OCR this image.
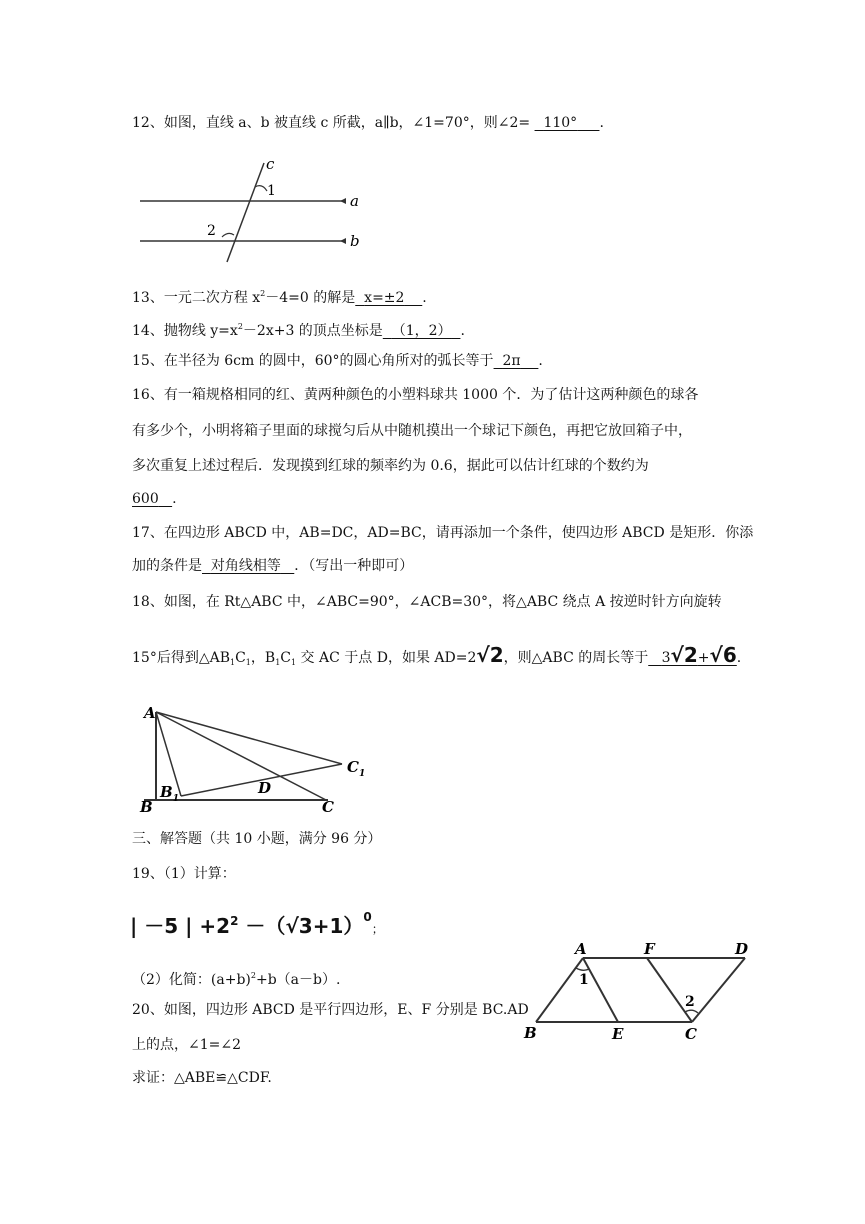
12、如图，直线 a、b 被直线 c 所截，a∥b，∠1=70°，则∠2= 110° .
c
1
2
a
b
13、一元二次方程 $x^2-4=0$ 的解是 x=±2 .
14、抛物线 $y=x^2-2x+3$ 的顶点坐标是 （1，2） .
15、在半径为 6cm 的圆中，60°的圆心角所对的弧长等于 2π .
16、有一箱规格相同的红、黄两种颜色的小塑料球共 1000 个．为了估计这两种颜色的球各
有多少个，小明将箱子里面的球搅匀后从中随机摸出一个球记下颜色，再把它放回箱子中，
多次重复上述过程后．发现摸到红球的频率约为 0.6，据此可以估计红球的个数约为
600 .
17、在四边形 ABCD 中，AB=DC，AD=BC，请再添加一个条件，使四边形 ABCD 是矩形．你添
加的条件是 对角线相等 ．（写出一种即可）
18、如图，在 Rt△ABC 中，∠ABC=90°，∠ACB=30°，将△ABC 绕点 A 按逆时针方向旋转
15°后得到$\triangle AB_1C_1$，$B_1C_1$ 交 AC 于点 D，如果 AD=2√2，则△ABC 的周长等于 3√2+√6.
A
B
$B_1$	C
$C_1$
D
三、解答题（共 10 小题，满分 96 分）
19、（1）计算：
| －5 | $+2^2 -(√3+1)^0$；
（2）化简：$(a+b)^2+b(a-b)$.
20、如图，四边形 ABCD 是平行四边形，E、F 分别是 BC.AD
上的点，∠1=∠2
求证：△ABE≌△CDF.
A	F	D
B	E	C
1
2
